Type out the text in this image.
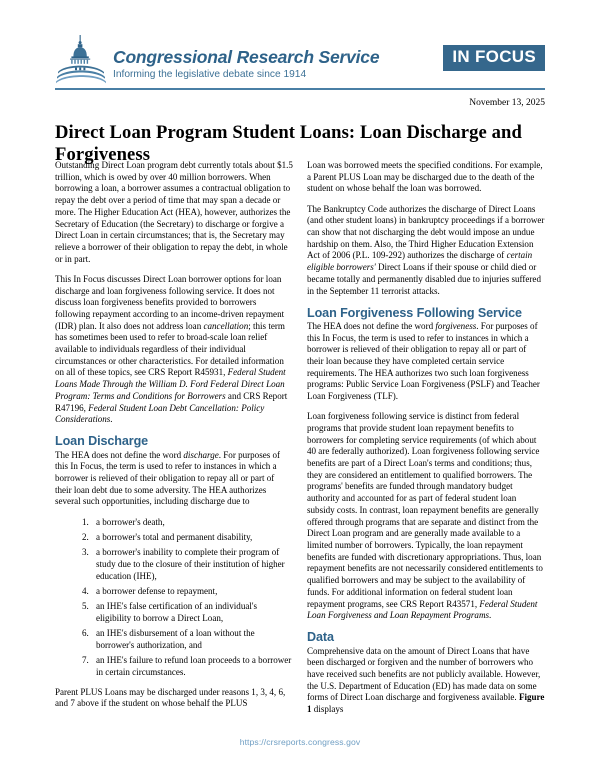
Congressional Research Service
Informing the legislative debate since 1914
IN FOCUS
November 13, 2025
Direct Loan Program Student Loans: Loan Discharge and Forgiveness

Outstanding Direct Loan program debt currently totals about $1.5 trillion, which is owed by over 40 million borrowers. When borrowing a loan, a borrower assumes a contractual obligation to repay the debt over a period of time that may span a decade or more. The Higher Education Act (HEA), however, authorizes the Secretary of Education (the Secretary) to discharge or forgive a Direct Loan in certain circumstances; that is, the Secretary may relieve a borrower of their obligation to repay the debt, in whole or in part.

This In Focus discusses Direct Loan borrower options for loan discharge and loan forgiveness following service. It does not discuss loan forgiveness benefits provided to borrowers following repayment according to an income-driven repayment (IDR) plan. It also does not address loan cancellation; this term has sometimes been used to refer to broad-scale loan relief available to individuals regardless of their individual circumstances or other characteristics. For detailed information on all of these topics, see CRS Report R45931, Federal Student Loans Made Through the William D. Ford Federal Direct Loan Program: Terms and Conditions for Borrowers and CRS Report R47196, Federal Student Loan Debt Cancellation: Policy Considerations.

Loan Discharge

The HEA does not define the word discharge. For purposes of this In Focus, the term is used to refer to instances in which a borrower is relieved of their obligation to repay all or part of their loan debt due to some adversity. The HEA authorizes several such opportunities, including discharge due to

1. a borrower's death,
2. a borrower's total and permanent disability,
3. a borrower's inability to complete their program of study due to the closure of their institution of higher education (IHE),
4. a borrower defense to repayment,
5. an IHE's false certification of an individual's eligibility to borrow a Direct Loan,
6. an IHE's disbursement of a loan without the borrower's authorization, and
7. an IHE's failure to refund loan proceeds to a borrower in certain circumstances.

Parent PLUS Loans may be discharged under reasons 1, 3, 4, 6, and 7 above if the student on whose behalf the PLUS

Loan was borrowed meets the specified conditions. For example, a Parent PLUS Loan may be discharged due to the death of the student on whose behalf the loan was borrowed.

The Bankruptcy Code authorizes the discharge of Direct Loans (and other student loans) in bankruptcy proceedings if a borrower can show that not discharging the debt would impose an undue hardship on them. Also, the Third Higher Education Extension Act of 2006 (P.L. 109-292) authorizes the discharge of certain eligible borrowers' Direct Loans if their spouse or child died or became totally and permanently disabled due to injuries suffered in the September 11 terrorist attacks.

Loan Forgiveness Following Service

The HEA does not define the word forgiveness. For purposes of this In Focus, the term is used to refer to instances in which a borrower is relieved of their obligation to repay all or part of their loan because they have completed certain service requirements. The HEA authorizes two such loan forgiveness programs: Public Service Loan Forgiveness (PSLF) and Teacher Loan Forgiveness (TLF).

Loan forgiveness following service is distinct from federal programs that provide student loan repayment benefits to borrowers for completing service requirements (of which about 40 are federally authorized). Loan forgiveness following service benefits are part of a Direct Loan's terms and conditions; thus, they are considered an entitlement to qualified borrowers. The programs' benefits are funded through mandatory budget authority and accounted for as part of federal student loan subsidy costs. In contrast, loan repayment benefits are generally offered through programs that are separate and distinct from the Direct Loan program and are generally made available to a limited number of borrowers. Typically, the loan repayment benefits are funded with discretionary appropriations. Thus, loan repayment benefits are not necessarily considered entitlements to qualified borrowers and may be subject to the availability of funds. For additional information on federal student loan repayment programs, see CRS Report R43571, Federal Student Loan Forgiveness and Loan Repayment Programs.

Data

Comprehensive data on the amount of Direct Loans that have been discharged or forgiven and the number of borrowers who have received such benefits are not publicly available. However, the U.S. Department of Education (ED) has made data on some forms of Direct Loan discharge and forgiveness available. Figure 1 displays

https://crsreports.congress.gov
